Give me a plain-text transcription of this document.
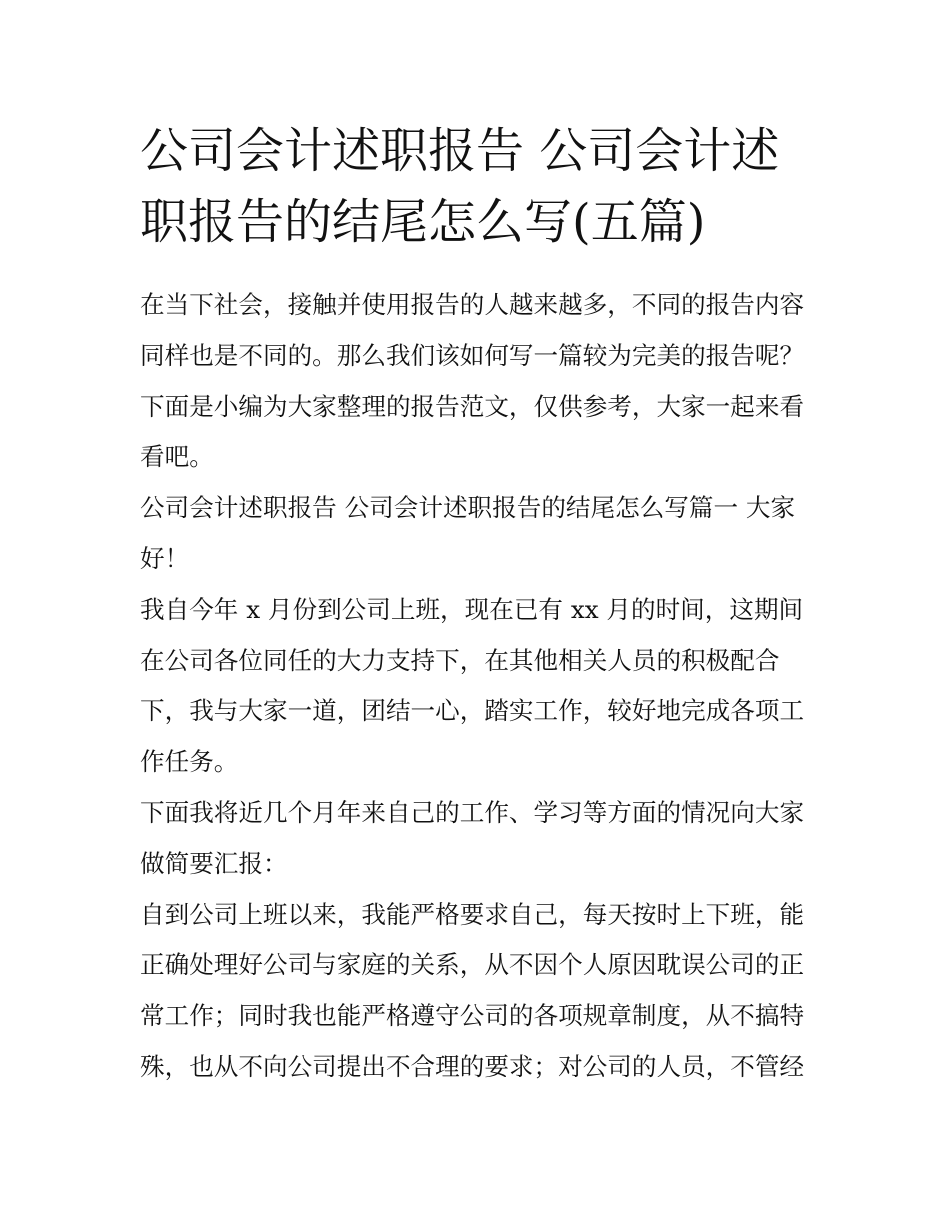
公司会计述职报告 公司会计述职报告的结尾怎么写(五篇)

在当下社会，接触并使用报告的人越来越多，不同的报告内容同样也是不同的。那么我们该如何写一篇较为完美的报告呢？下面是小编为大家整理的报告范文，仅供参考，大家一起来看看吧。

公司会计述职报告 公司会计述职报告的结尾怎么写篇一 大家好！

我自今年 x 月份到公司上班，现在已有 xx 月的时间，这期间在公司各位同任的大力支持下，在其他相关人员的积极配合下，我与大家一道，团结一心，踏实工作，较好地完成各项工作任务。

下面我将近几个月年来自己的工作、学习等方面的情况向大家做简要汇报：

自到公司上班以来，我能严格要求自己，每天按时上下班，能正确处理好公司与家庭的关系，从不因个人原因耽误公司的正常工作；同时我也能严格遵守公司的各项规章制度，从不搞特殊，也从不向公司提出不合理的要求；对公司的人员，不管经
